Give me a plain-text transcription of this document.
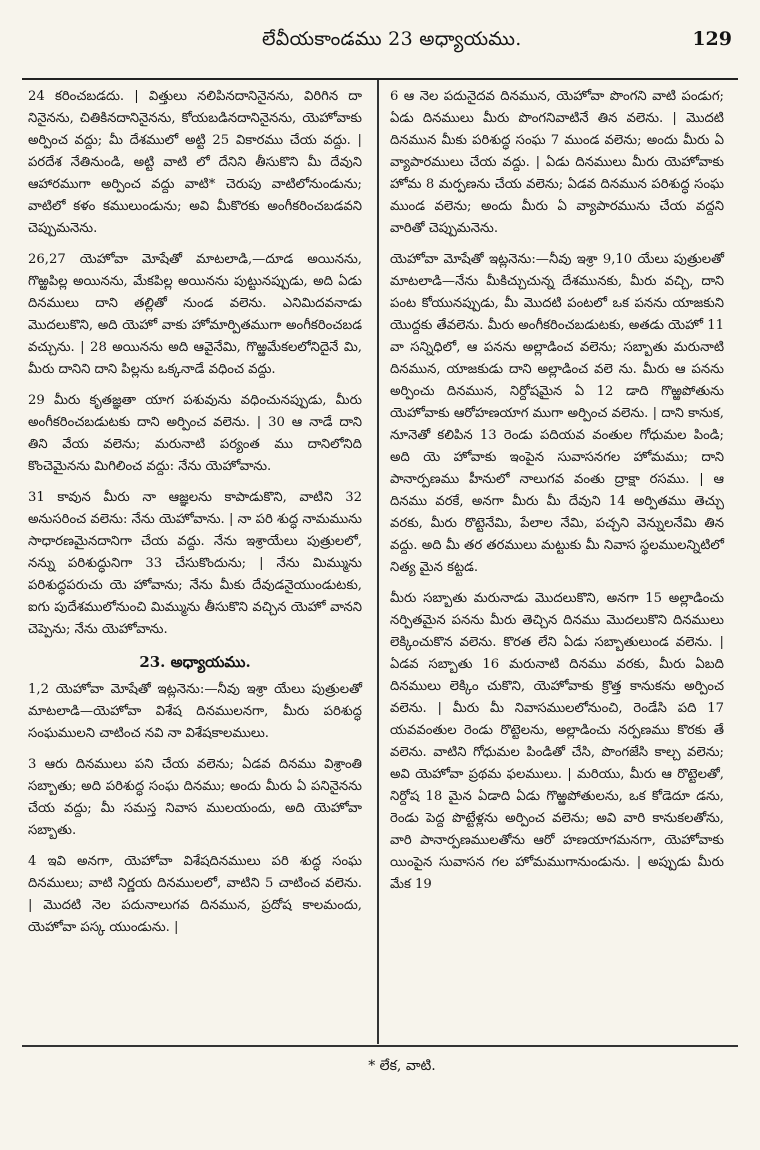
లేవీయకాండము 23 అధ్యాయము.	129

24 కరించబడదు. | విత్తులు నలిపినదానినైనను, విరిగిన దా నినైనను, చితికినదానినైనను, కోయబడినదానినైనను, యెహోవాకు అర్పించ వద్దు; మీ దేశములో అట్టి 25 వికారము చేయ వద్దు. | పరదేశ నేతినుండి, అట్టి వాటి లో దేనిని తీసుకొని మీ దేవుని ఆహారముగా అర్పించ వద్దు వాటి* చెరుపు వాటిలోనుండును; వాటిలో కళం కములుండును; అవి మీకొరకు అంగీకరించబడవని చెప్పుమనెను.

26,27 యెహోవా మోషేతో మాటలాడి,—దూడ అయినను, గొఱ్ఱపిల్ల అయినను, మేకపిల్ల అయినను పుట్టునప్పుడు, అది ఏడు దినములు దాని తల్లితో నుండ వలెను. ఎనిమిదవనాడు మొదలుకొని, అది యెహో వాకు హోమార్పితముగా అంగీకరించబడ వచ్చును. | 28 అయినను అది ఆవైనేమి, గొఱ్ఱమేకలలోనిదైనే మి, మీరు దానిని దాని పిల్లను ఒక్కనాడే వధించ వద్దు.

29 మీరు కృతజ్ఞతా యాగ పశువును వధించునప్పుడు, మీరు అంగీకరించబడుటకు దాని అర్పించ వలెను. | 30 ఆ నాడే దాని తిని వేయ వలెను; మరునాటి పర్యంత ము దానిలోనిది కొంచెమైనను మిగిలించ వద్దు: నేను యెహోవాను.

31 కావున మీరు నా ఆజ్ఞలను కాపాడుకొని, వాటిని 32 అనుసరించ వలెను: నేను యెహోవాను. | నా పరి శుద్ధ నామమును సాధారణమైనదానిగా చేయ వద్దు. నేను ఇశ్రాయేలు పుత్రులలో, నన్ను పరిశుద్ధునిగా 33 చేసుకొందును; | నేను మిమ్మును పరిశుద్ధపరుచు యె హోవాను; నేను మీకు దేవుడనైయుండుటకు, ఐగు పుదేశములోనుంచి మిమ్మును తీసుకొని వచ్చిన యెహో వానని చెప్పెను; నేను యెహోవాను.

23. అధ్యాయము.

1,2 యెహోవా మోషేతో ఇట్లనెను:—నీవు ఇశ్రా యేలు పుత్రులతో మాటలాడి—యెహోవా విశేష దినములనగా, మీరు పరిశుద్ధ సంఘములని చాటించ నవి నా విశేషకాలములు.

3 ఆరు దినములు పని చేయ వలెను; ఏడవ దినము విశ్రాంతి సబ్బాతు; అది పరిశుద్ధ సంఘ దినము; అందు మీరు ఏ పనినైనను చేయ వద్దు; మీ సమస్త నివాస ములయందు, అది యెహోవా సబ్బాతు.

4 ఇవి అనగా, యెహోవా విశేషదినములు పరి శుద్ధ సంఘ దినములు; వాటి నిర్ణయ దినములలో, వాటిని 5 చాటించ వలెను. | మొదటి నెల పదునాలుగవ దినమున, ప్రదోష కాలమందు, యెహోవా పస్క యుండును. |

6 ఆ నెల పదునైదవ దినమున, యెహోవా పొంగని వాటి పండుగ; ఏడు దినములు మీరు పొంగనివాటినే తిన వలెను. | మొదటి దినమున మీకు పరిశుద్ధ సంఘ 7 ముండ వలెను; అందు మీరు ఏ వ్యాపారములు చేయ వద్దు. | ఏడు దినములు మీరు యెహోవాకు హోమ 8 మర్పణను చేయ వలెను; ఏడవ దినమున పరిశుద్ధ సంఘ ముండ వలెను; అందు మీరు ఏ వ్యాపారమును చేయ వద్దని వారితో చెప్పుమనెను.

యెహోవా మోషేతో ఇట్లనెను:—నీవు ఇశ్రా 9,10 యేలు పుత్రులతో మాటలాడి—నేను మీకిచ్చుచున్న దేశమునకు, మీరు వచ్చి, దాని పంట కోయునప్పుడు, మీ మొదటి పంటలో ఒక పనను యాజకుని యొద్దకు తేవలెను. మీరు అంగీకరించబడుటకు, అతడు యెహో 11 వా సన్నిధిలో, ఆ పనను అల్లాడించ వలెను; సబ్బాతు మరునాటి దినమున, యాజకుడు దాని అల్లాడించ వలె ను. మీరు ఆ పనను అర్పించు దినమున, నిర్దోషమైన ఏ 12 డాది గొఱ్ఱపోతును యెహోవాకు ఆరోహణయాగ ముగా అర్పించ వలెను. | దాని కానుక, నూనెతో కలిపిన 13 రెండు పదియవ వంతుల గోధుమల పిండి; అది యె హోవాకు ఇంపైన సువాసనగల హోమము; దాని పానార్పణము హీనులో నాలుగవ వంతు ద్రాక్షా రసము. | ఆ దినము వరకే, అనగా మీరు మీ దేవుని 14 అర్పితము తెచ్చు వరకు, మీరు రొట్టెనేమి, పేలాల నేమి, పచ్చని వెన్నులనేమి తిన వద్దు. అది మీ తర తరములు మట్టుకు మీ నివాస స్థలములన్నిటిలో నిత్య మైన కట్టడ.

మీరు సబ్బాతు మరునాడు మొదలుకొని, అనగా 15 అల్లాడించు నర్పితమైన పనను మీరు తెచ్చిన దినము మొదలుకొని దినములు లెక్కించుకొన వలెను. కొరత లేని ఏడు సబ్బాతులుండ వలెను. | ఏడవ సబ్బాతు 16 మరునాటి దినము వరకు, మీరు ఏబది దినములు లెక్కిం చుకొని, యెహోవాకు క్రొత్త కానుకను అర్పించ వలెను. | మీరు మీ నివాసములలోనుంచి, రెండేసి పది 17 యవవంతుల రెండు రొట్టెలను, అల్లాడించు నర్పణము కొరకు తే వలెను. వాటిని గోధుమల పిండితో చేసి, పొంగజేసి కాల్చ వలెను; అవి యెహోవా ప్రథమ ఫలములు. | మరియు, మీరు ఆ రొట్టెలతో, నిర్దోష 18 మైన ఏడాది ఏడు గొఱ్ఱపోతులను, ఒక కోడెదూ డను, రెండు పెద్ద పొట్టేళ్లను అర్పించ వలెను; అవి వారి కానుకలతోను, వారి పానార్పణములతోను ఆరో హణయాగమనగా, యెహోవాకు యింపైన సువాసన గల హోమముగానుండును. | అప్పుడు మీరు మేక 19

* లేక, వాటి.
